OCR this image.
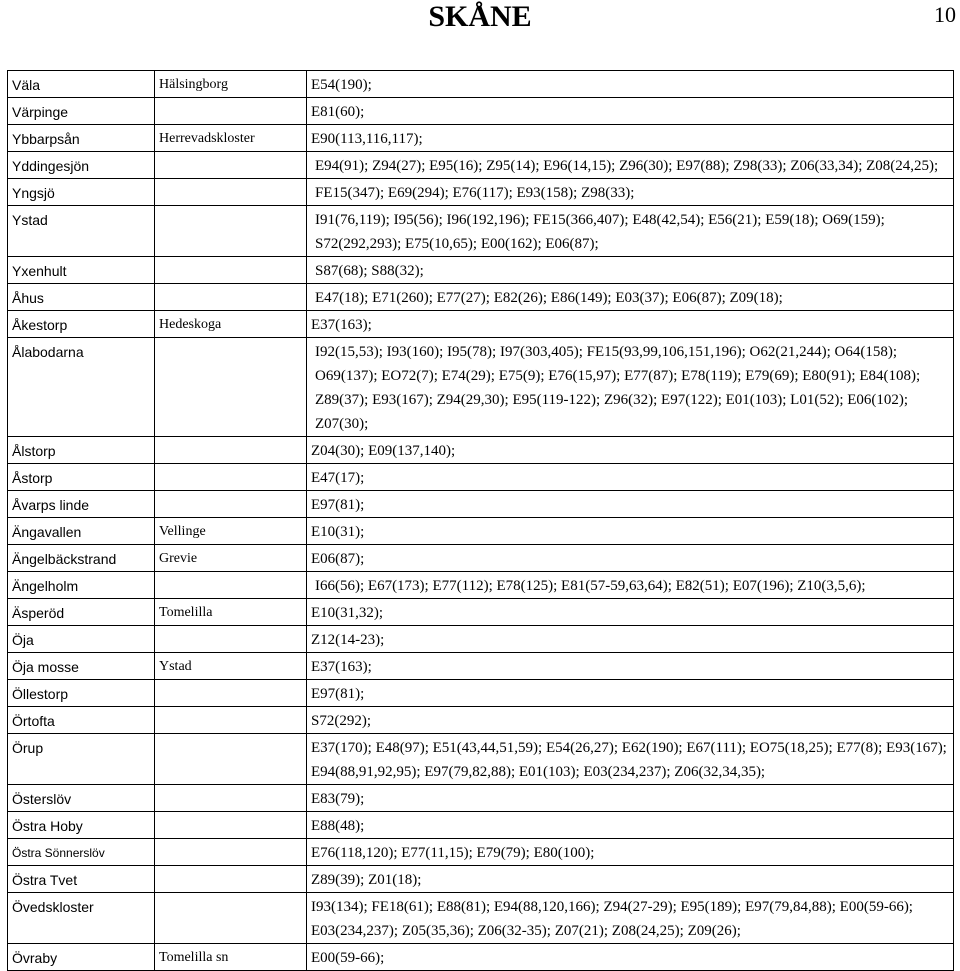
SKÅNE	10
Väla	Hälsingborg	E54(190);
Värpinge		E81(60);
Ybbarpsån	Herrevadskloster	E90(113,116,117);
Yddingesjön		E94(91); Z94(27); E95(16); Z95(14); E96(14,15); Z96(30); E97(88); Z98(33); Z06(33,34); Z08(24,25);
Yngsjö		FE15(347); E69(294); E76(117); E93(158); Z98(33);
Ystad		I91(76,119); I95(56); I96(192,196); FE15(366,407); E48(42,54); E56(21); E59(18); O69(159); S72(292,293); E75(10,65); E00(162); E06(87);
Yxenhult		S87(68); S88(32);
Åhus		E47(18); E71(260); E77(27); E82(26); E86(149); E03(37); E06(87); Z09(18);
Åkestorp	Hedeskoga	E37(163);
Ålabodarna		I92(15,53); I93(160); I95(78); I97(303,405); FE15(93,99,106,151,196); O62(21,244); O64(158); O69(137); EO72(7); E74(29); E75(9); E76(15,97); E77(87); E78(119); E79(69); E80(91); E84(108); Z89(37); E93(167); Z94(29,30); E95(119-122); Z96(32); E97(122); E01(103); L01(52); E06(102); Z07(30);
Ålstorp		Z04(30); E09(137,140);
Åstorp		E47(17);
Åvarps linde		E97(81);
Ängavallen	Vellinge	E10(31);
Ängelbäckstrand	Grevie	E06(87);
Ängelholm		I66(56); E67(173); E77(112); E78(125); E81(57-59,63,64); E82(51); E07(196); Z10(3,5,6);
Äsperöd	Tomelilla	E10(31,32);
Öja		Z12(14-23);
Öja mosse	Ystad	E37(163);
Öllestorp		E97(81);
Örtofta		S72(292);
Örup		E37(170); E48(97); E51(43,44,51,59); E54(26,27); E62(190); E67(111); EO75(18,25); E77(8); E93(167); E94(88,91,92,95); E97(79,82,88); E01(103); E03(234,237); Z06(32,34,35);
Österslöv		E83(79);
Östra Hoby		E88(48);
Östra Sönnerslöv		E76(118,120); E77(11,15); E79(79); E80(100);
Östra Tvet		Z89(39); Z01(18);
Övedskloster		I93(134); FE18(61); E88(81); E94(88,120,166); Z94(27-29); E95(189); E97(79,84,88); E00(59-66); E03(234,237); Z05(35,36); Z06(32-35); Z07(21); Z08(24,25); Z09(26);
Övraby	Tomelilla sn	E00(59-66);
